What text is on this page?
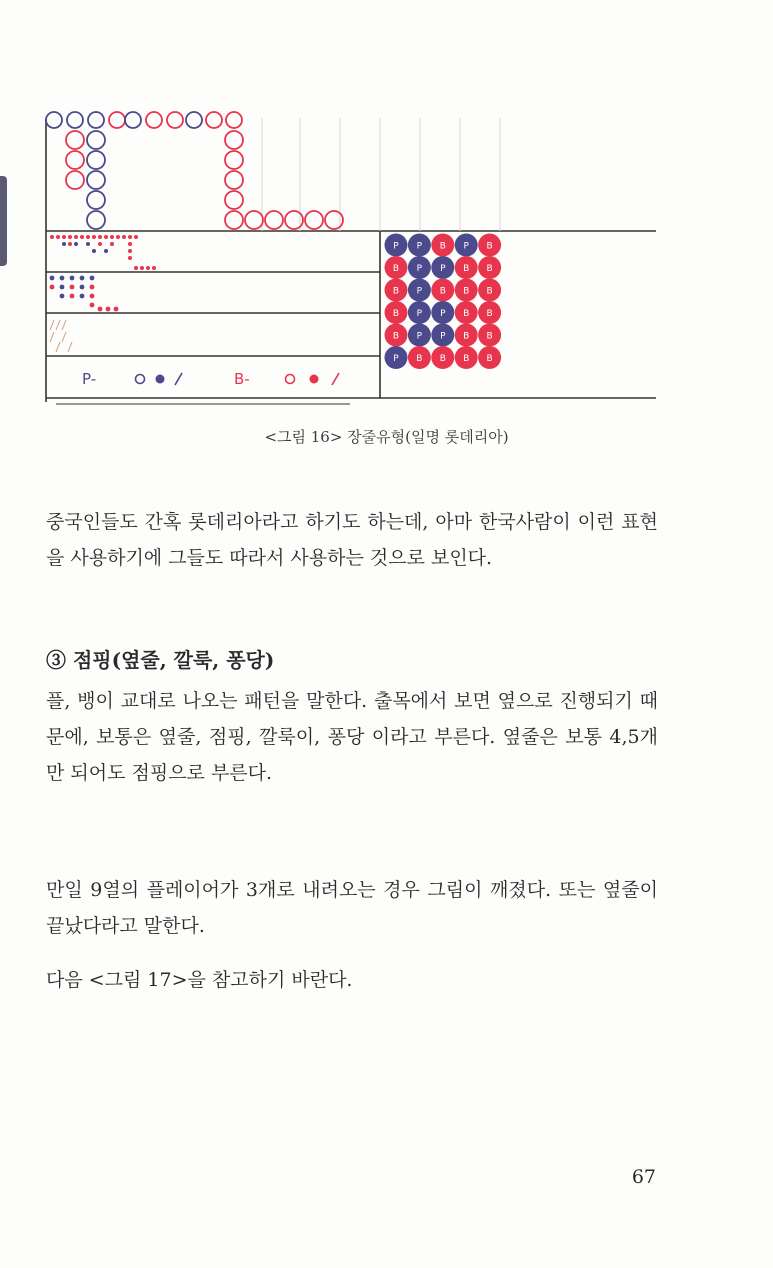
P-	B-
P P B P B
B P P B B
B P B B B
B P P B B
B P P B B
P B B B B
<그림 16> 장줄유형(일명 롯데리아)

중국인들도 간혹 롯데리아라고 하기도 하는데, 아마 한국사람이 이런 표현을 사용하기에 그들도 따라서 사용하는 것으로 보인다.

③ 점핑(옆줄, 깔룩, 퐁당)

플, 뱅이 교대로 나오는 패턴을 말한다. 출목에서 보면 옆으로 진행되기 때문에, 보통은 옆줄, 점핑, 깔룩이, 퐁당 이라고 부른다. 옆줄은 보통 4,5개만 되어도 점핑으로 부른다.

만일 9열의 플레이어가 3개로 내려오는 경우 그림이 깨졌다. 또는 옆줄이 끝났다라고 말한다.

다음 <그림 17>을 참고하기 바란다.

67
